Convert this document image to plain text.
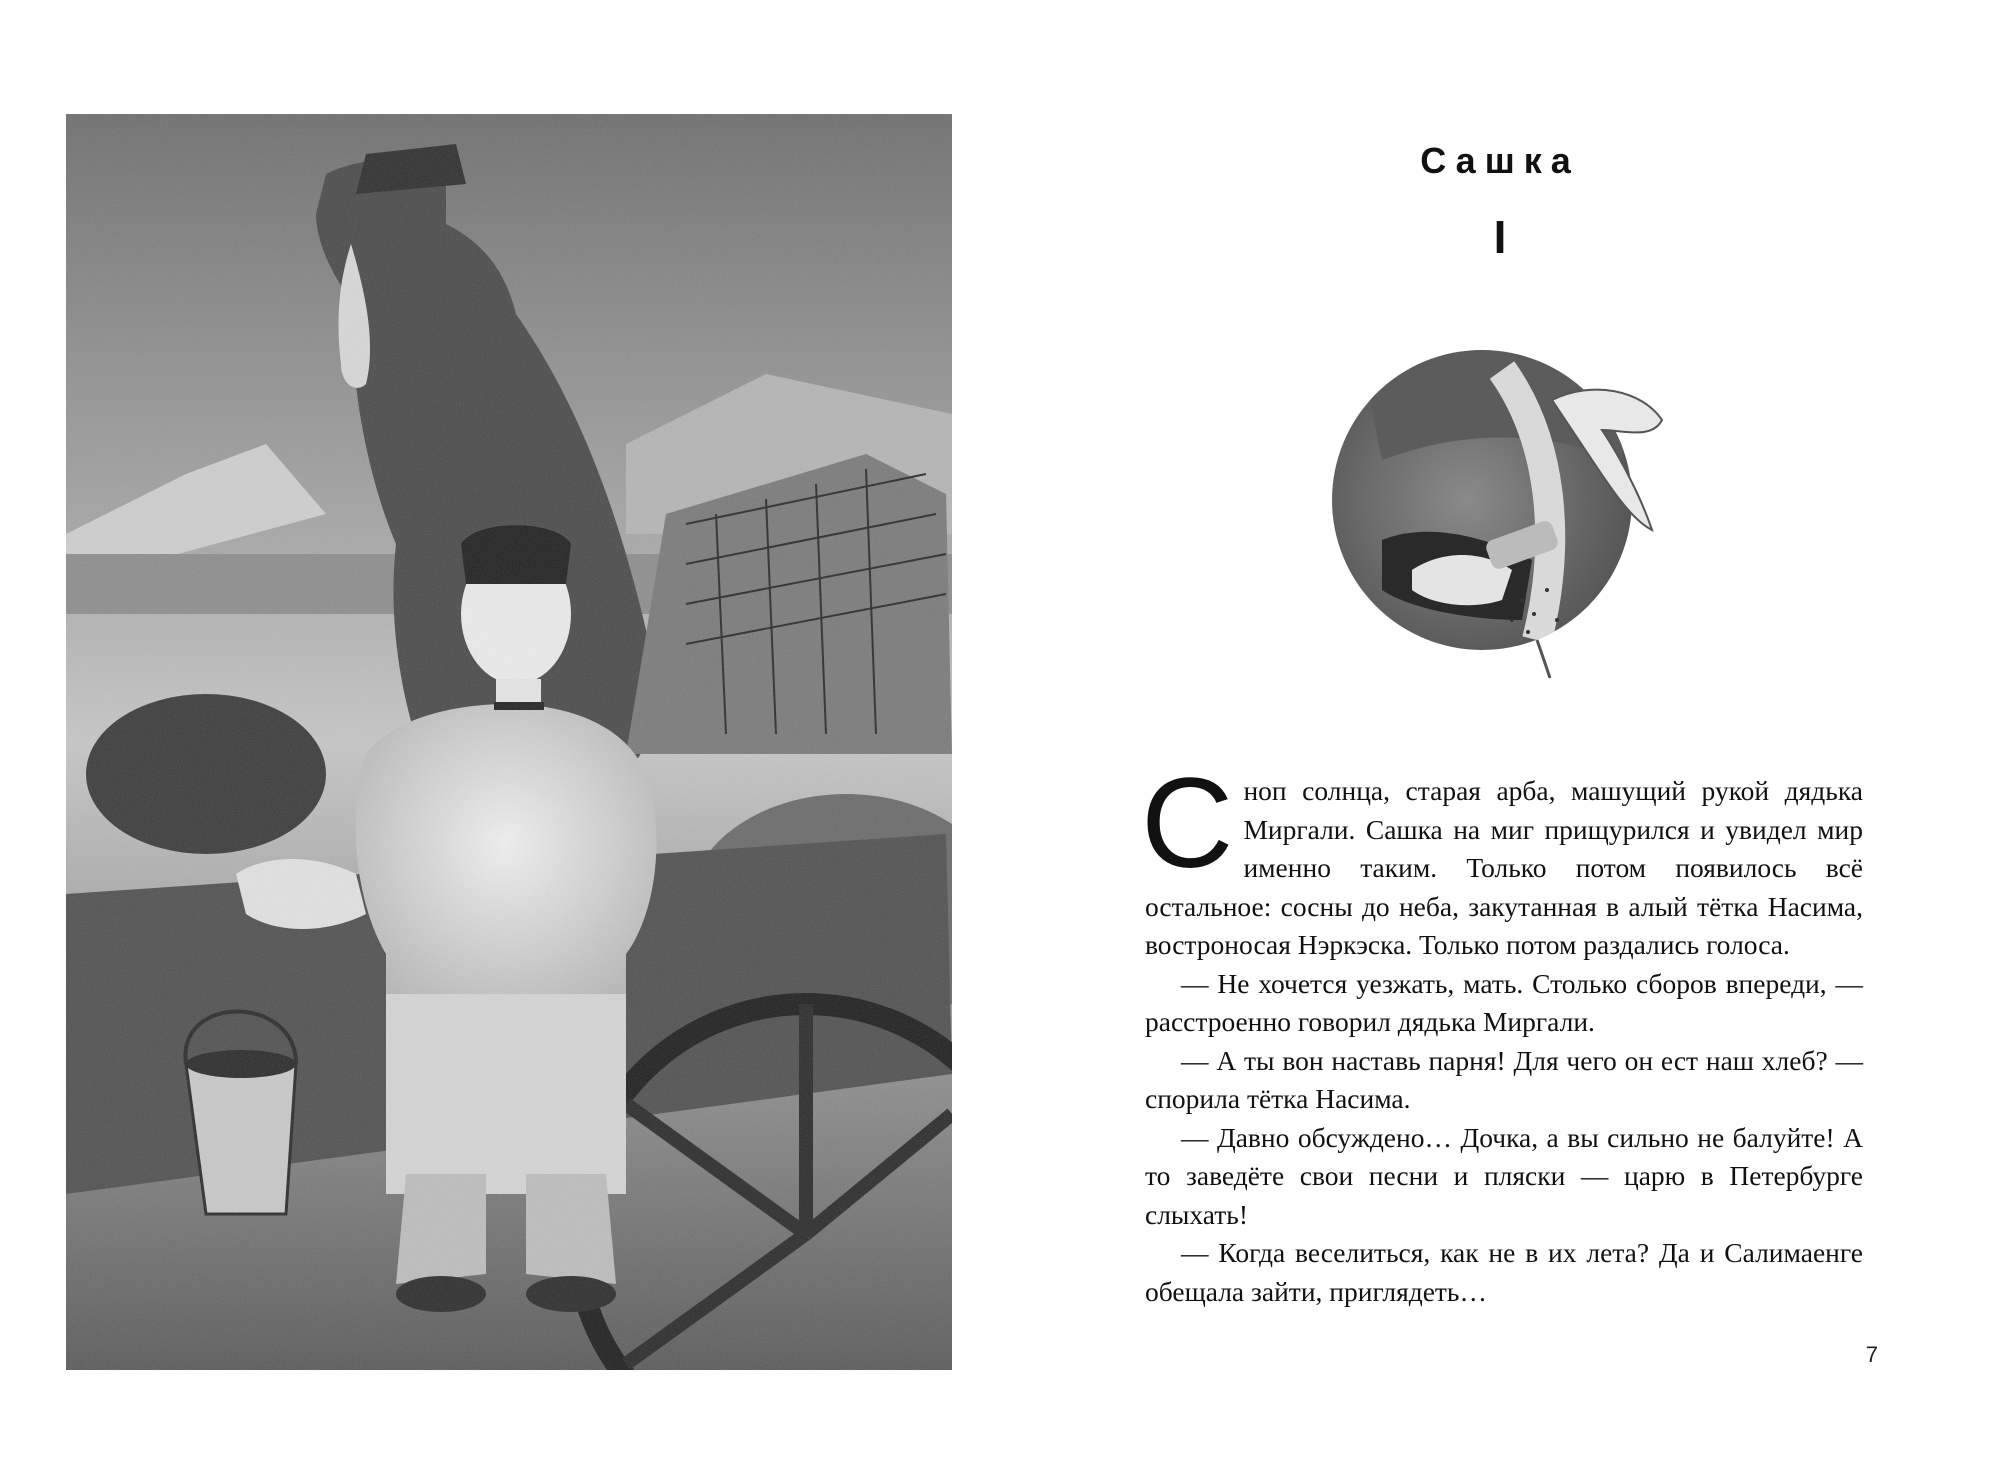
Сашка
I

Сноп солнца, старая арба, машущий рукой дядька Миргали. Сашка на миг прищурился и увидел мир именно таким. Только потом появилось всё остальное: сосны до неба, закутанная в алый тётка Насима, востроносая Нэркэска. Только потом раздались голоса.

— Не хочется уезжать, мать. Столько сборов впереди, — расстроенно говорил дядька Миргали.

— А ты вон наставь парня! Для чего он ест наш хлеб? — спорила тётка Насима.

— Давно обсуждено… Дочка, а вы сильно не балуйте! А то заведёте свои песни и пляски — царю в Петербурге слыхать!

— Когда веселиться, как не в их лета? Да и Салимаенге обещала зайти, приглядеть…

7
